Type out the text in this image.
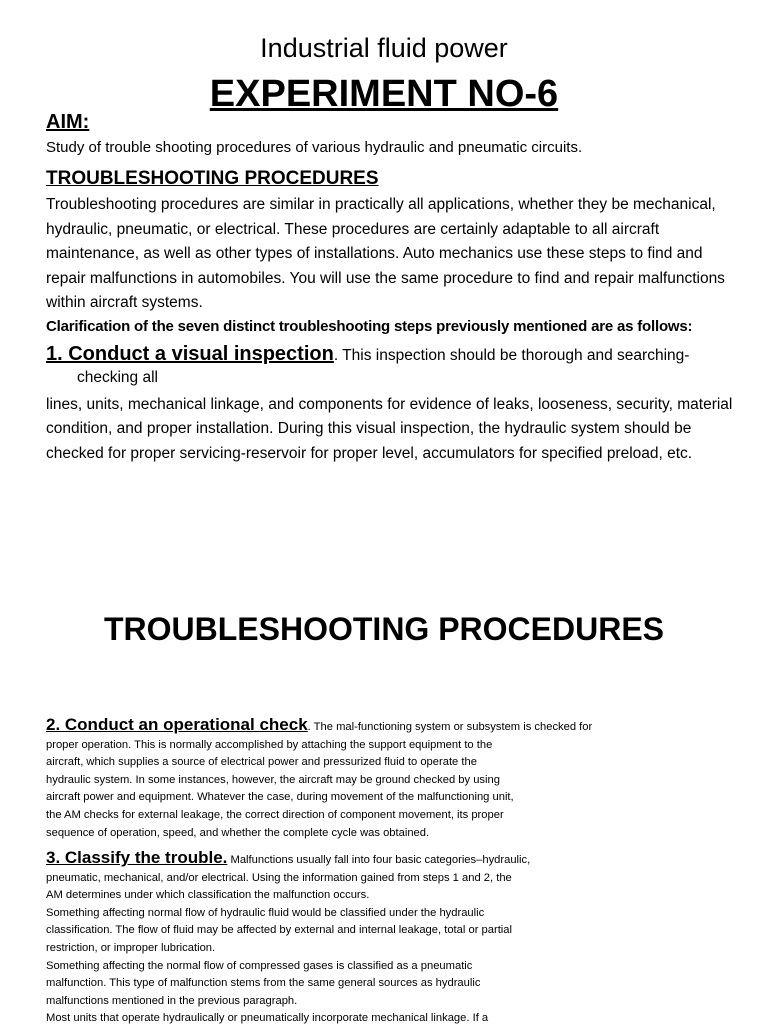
Industrial fluid power
EXPERIMENT NO-6
AIM:
Study of trouble shooting procedures of various hydraulic and pneumatic circuits.
TROUBLESHOOTING PROCEDURES
Troubleshooting procedures are similar in practically all applications, whether they be mechanical, hydraulic, pneumatic, or electrical. These procedures are certainly adaptable to all aircraft maintenance, as well as other types of installations. Auto mechanics use these steps to find and repair malfunctions in automobiles. You will use the same procedure to find and repair malfunctions within aircraft systems.
Clarification of the seven distinct troubleshooting steps previously mentioned are as follows:
1. Conduct a visual inspection. This inspection should be thorough and searching-
checking all
lines, units, mechanical linkage, and components for evidence of leaks, looseness, security, material condition, and proper installation. During this visual inspection, the hydraulic system should be checked for proper servicing-reservoir for proper level, accumulators for specified preload, etc.
TROUBLESHOOTING PROCEDURES
2. Conduct an operational check. The mal-functioning system or subsystem is checked for
proper operation. This is normally accomplished by attaching the support equipment to the
aircraft, which supplies a source of electrical power and pressurized fluid to operate the
hydraulic system. In some instances, however, the aircraft may be ground checked by using
aircraft power and equipment. Whatever the case, during movement of the malfunctioning unit,
the AM checks for external leakage, the correct direction of component movement, its proper
sequence of operation, speed, and whether the complete cycle was obtained.
3. Classify the trouble. Malfunctions usually fall into four basic categories–hydraulic,
pneumatic, mechanical, and/or electrical. Using the information gained from steps 1 and 2, the
AM determines under which classification the malfunction occurs.
Something affecting normal flow of hydraulic fluid would be classified under the hydraulic
classification. The flow of fluid may be affected by external and internal leakage, total or partial
restriction, or improper lubrication.
Something affecting the normal flow of compressed gases is classified as a pneumatic
malfunction. This type of malfunction stems from the same general sources as hydraulic
malfunctions mentioned in the previous paragraph.
Most units that operate hydraulically or pneumatically incorporate mechanical linkage. If a
